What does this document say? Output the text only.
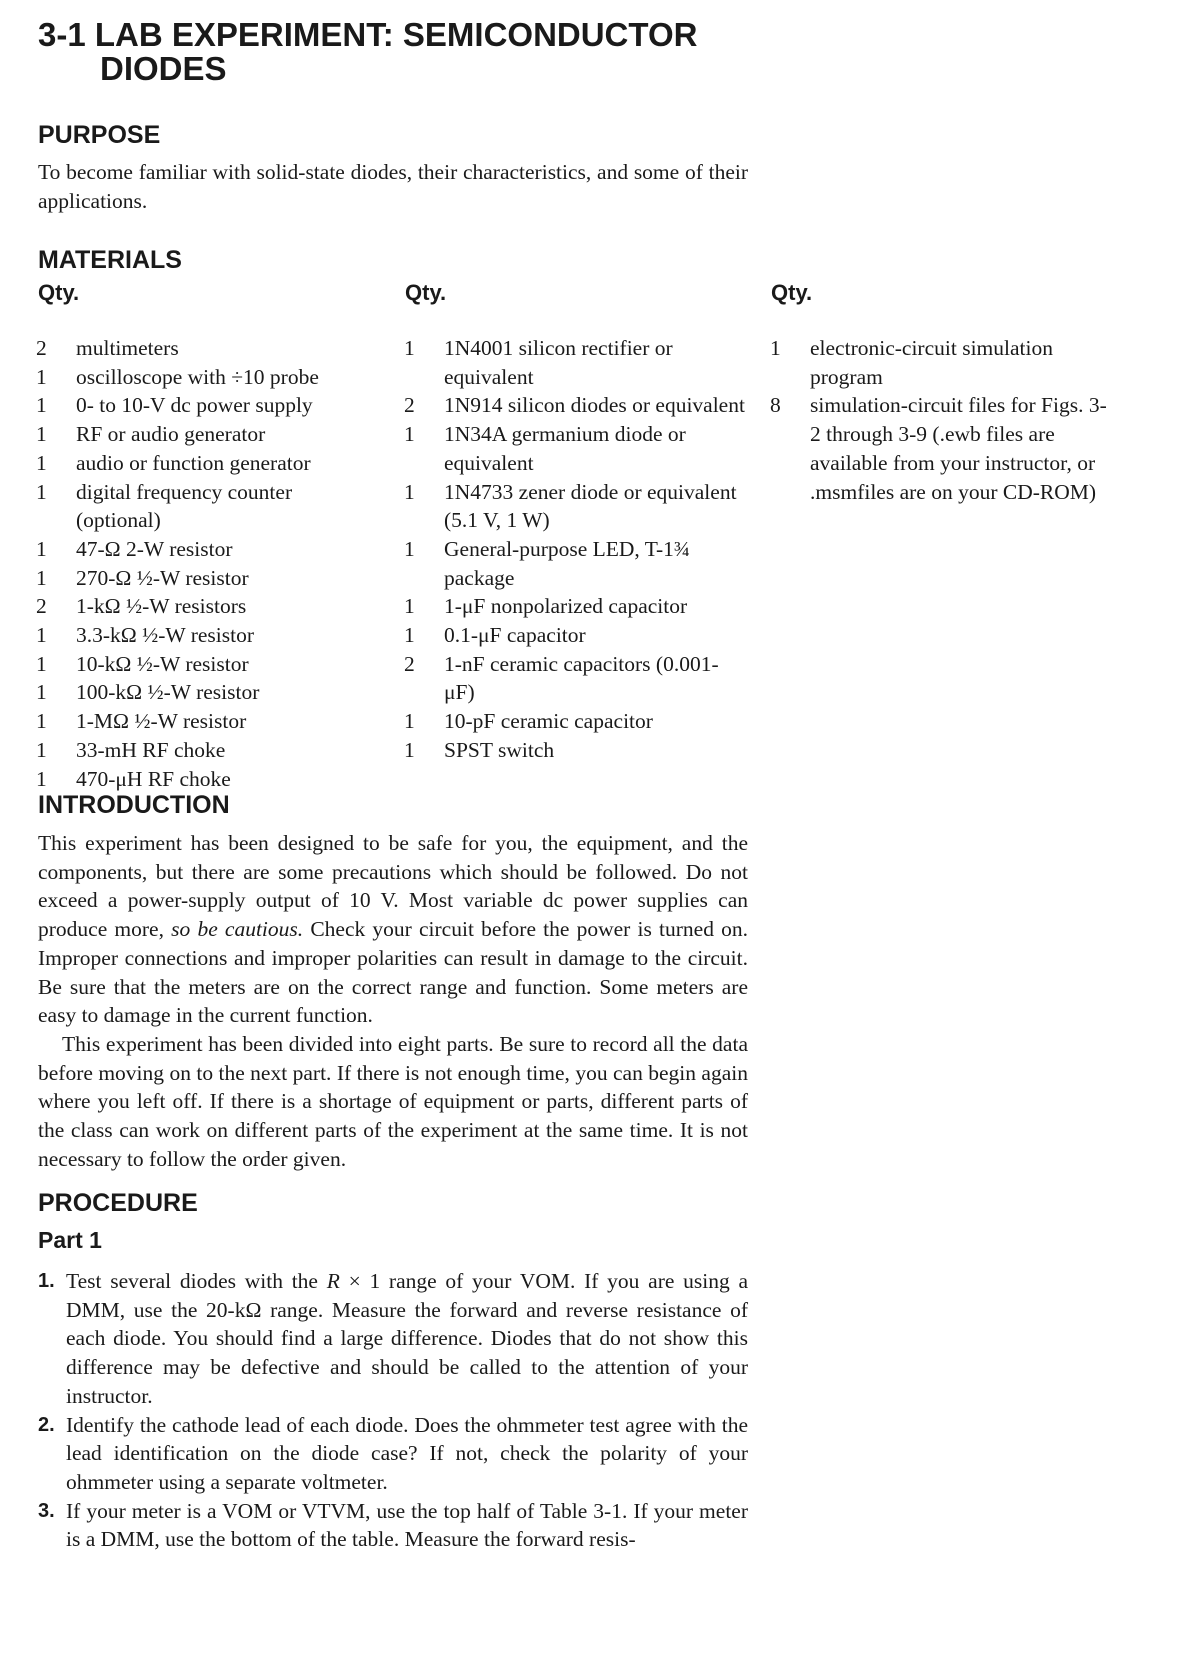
3-1 LAB EXPERIMENT: SEMICONDUCTOR
DIODES
PURPOSE

To become familiar with solid-state diodes, their characteristics, and some of their applications.

MATERIALS
Qty.	Qty.	Qty.
2	multimeters
1	oscilloscope with ÷10 probe
1	0- to 10-V dc power supply
1	RF or audio generator
1	audio or function generator
1	digital frequency counter (optional)
1	47-Ω 2-W resistor
1	270-Ω ½-W resistor
2	1-kΩ ½-W resistors
1	3.3-kΩ ½-W resistor
1	10-kΩ ½-W resistor
1	100-kΩ ½-W resistor
1	1-MΩ ½-W resistor
1	33-mH RF choke
1	470-μH RF choke
1	1N4001 silicon rectifier or equivalent
2	1N914 silicon diodes or equivalent
1	1N34A germanium diode or equivalent
1	1N4733 zener diode or equivalent (5.1 V, 1 W)
1	General-purpose LED, T-1¾ package
1	1-μF nonpolarized capacitor
1	0.1-μF capacitor
2	1-nF ceramic capacitors (0.001-μF)
1	10-pF ceramic capacitor
1	SPST switch
1	electronic-circuit simulation program
8	simulation-circuit files for Figs. 3-2 through 3-9 (.ewb files are available from your instructor, or .msmfiles are on your CD-ROM)
INTRODUCTION

This experiment has been designed to be safe for you, the equipment, and the components, but there are some precautions which should be followed. Do not exceed a power-supply output of 10 V. Most variable dc power supplies can produce more, so be cautious. Check your circuit before the power is turned on. Improper connections and improper polarities can result in damage to the circuit. Be sure that the meters are on the correct range and function. Some meters are easy to damage in the current function.

This experiment has been divided into eight parts. Be sure to record all the data before moving on to the next part. If there is not enough time, you can begin again where you left off. If there is a shortage of equipment or parts, different parts of the class can work on different parts of the experiment at the same time. It is not necessary to follow the order given.

PROCEDURE
Part 1
1. Test several diodes with the R × 1 range of your VOM. If you are using a DMM, use the 20-kΩ range. Measure the forward and reverse resistance of each diode. You should find a large difference. Diodes that do not show this difference may be defective and should be called to the attention of your instructor.
2. Identify the cathode lead of each diode. Does the ohmmeter test agree with the lead identification on the diode case? If not, check the polarity of your ohmmeter using a separate voltmeter.
3. If your meter is a VOM or VTVM, use the top half of Table 3-1. If your meter is a DMM, use the bottom of the table. Measure the forward resis-
